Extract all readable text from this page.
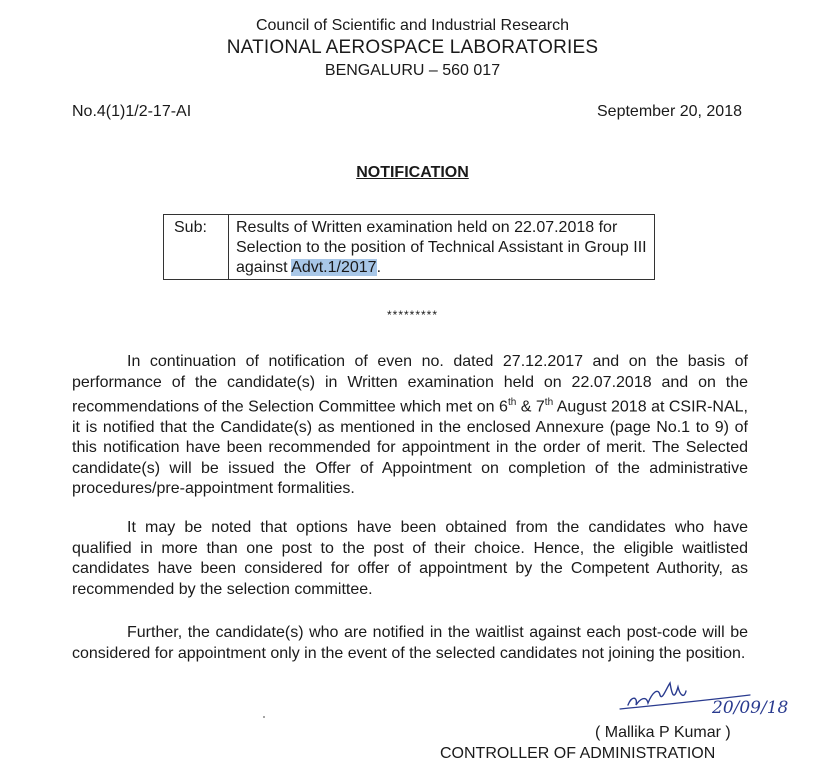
Council of Scientific and Industrial Research
NATIONAL AEROSPACE LABORATORIES
BENGALURU – 560 017
No.4(1)1/2-17-AI	September 20, 2018
NOTIFICATION
Sub:	Results of Written examination held on 22.07.2018 for Selection to the position of Technical Assistant in Group III against Advt.1/2017.
*********

In continuation of notification of even no. dated 27.12.2017 and on the basis of performance of the candidate(s) in Written examination held on 22.07.2018 and on the recommendations of the Selection Committee which met on 6th & 7th August 2018 at CSIR-NAL, it is notified that the Candidate(s) as mentioned in the enclosed Annexure (page No.1 to 9) of this notification have been recommended for appointment in the order of merit. The Selected candidate(s) will be issued the Offer of Appointment on completion of the administrative procedures/pre-appointment formalities.

It may be noted that options have been obtained from the candidates who have qualified in more than one post to the post of their choice. Hence, the eligible waitlisted candidates have been considered for offer of appointment by the Competent Authority, as recommended by the selection committee.

Further, the candidate(s) who are notified in the waitlist against each post-code will be considered for appointment only in the event of the selected candidates not joining the position.

20/09/18
( Mallika P Kumar )
CONTROLLER OF ADMINISTRATION
